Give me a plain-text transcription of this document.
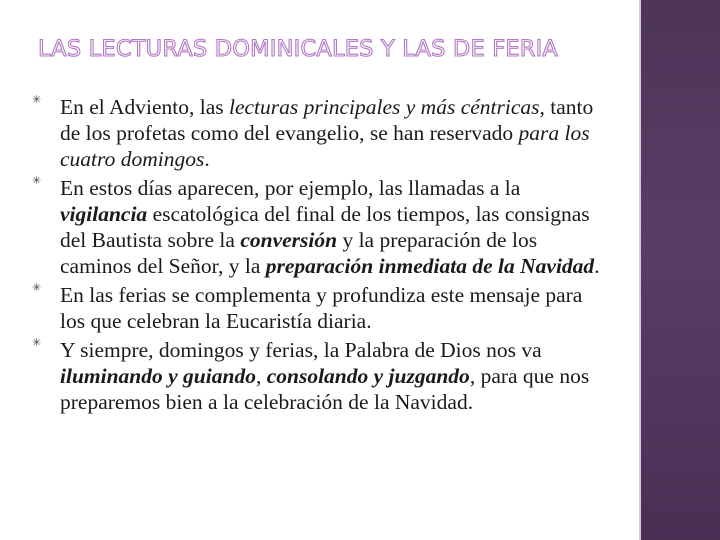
LAS LECTURAS DOMINICALES Y LAS DE FERIA
✳ En el Adviento, las lecturas principales y más céntricas, tanto de los profetas como del evangelio, se han reservado para los cuatro domingos.
✳ En estos días aparecen, por ejemplo, las llamadas a la vigilancia escatológica del final de los tiempos, las consignas del Bautista sobre la conversión y la preparación de los caminos del Señor, y la preparación inmediata de la Navidad.
✳ En las ferias se complementa y profundiza este mensaje para los que celebran la Eucaristía diaria.
✳ Y siempre, domingos y ferias, la Palabra de Dios nos va iluminando y guiando, consolando y juzgando, para que nos preparemos bien a la celebración de la Navidad.
